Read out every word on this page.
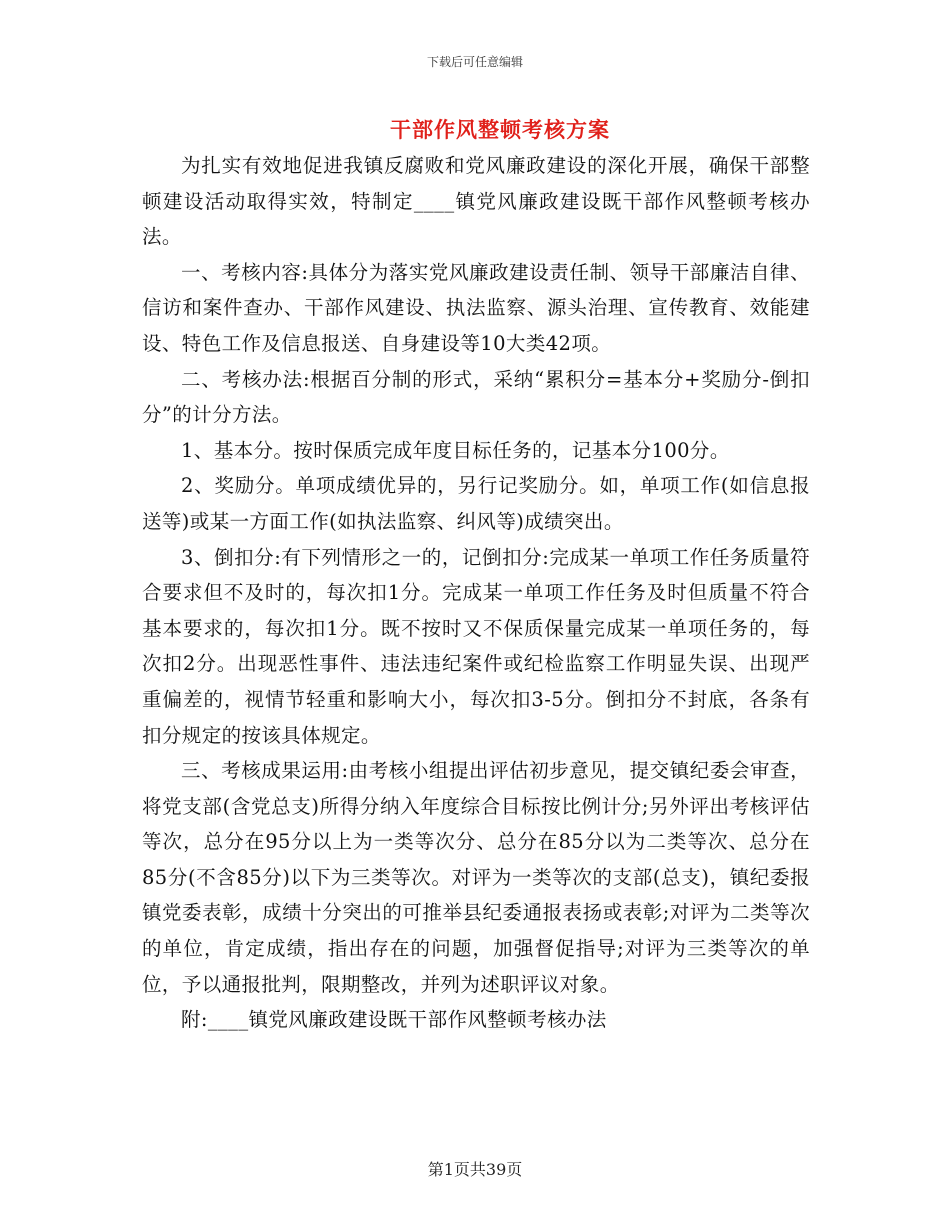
下载后可任意编辑
干部作风整顿考核方案

为扎实有效地促进我镇反腐败和党风廉政建设的深化开展，确保干部整顿建设活动取得实效，特制定____镇党风廉政建设既干部作风整顿考核办法。

一、考核内容:具体分为落实党风廉政建设责任制、领导干部廉洁自律、信访和案件查办、干部作风建设、执法监察、源头治理、宣传教育、效能建设、特色工作及信息报送、自身建设等10大类42项。

二、考核办法:根据百分制的形式，采纳“累积分=基本分+奖励分-倒扣分”的计分方法。

1、基本分。按时保质完成年度目标任务的，记基本分100分。

2、奖励分。单项成绩优异的，另行记奖励分。如，单项工作(如信息报送等)或某一方面工作(如执法监察、纠风等)成绩突出。

3、倒扣分:有下列情形之一的，记倒扣分:完成某一单项工作任务质量符合要求但不及时的，每次扣1分。完成某一单项工作任务及时但质量不符合基本要求的，每次扣1分。既不按时又不保质保量完成某一单项任务的，每次扣2分。出现恶性事件、违法违纪案件或纪检监察工作明显失误、出现严重偏差的，视情节轻重和影响大小，每次扣3-5分。倒扣分不封底，各条有扣分规定的按该具体规定。

三、考核成果运用:由考核小组提出评估初步意见，提交镇纪委会审查，将党支部(含党总支)所得分纳入年度综合目标按比例计分;另外评出考核评估等次，总分在95分以上为一类等次分、总分在85分以为二类等次、总分在85分(不含85分)以下为三类等次。对评为一类等次的支部(总支)，镇纪委报镇党委表彰，成绩十分突出的可推举县纪委通报表扬或表彰;对评为二类等次的单位，肯定成绩，指出存在的问题，加强督促指导;对评为三类等次的单位，予以通报批判，限期整改，并列为述职评议对象。

附:____镇党风廉政建设既干部作风整顿考核办法

第1页共39页
